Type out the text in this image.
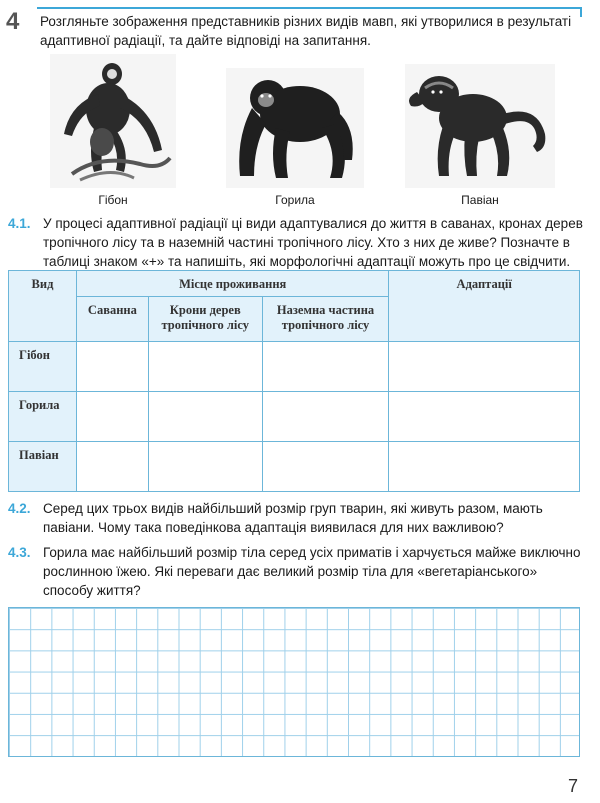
4 Розгляньте зображення представників різних видів мавп, які утворилися в результаті адаптивної радіації, та дайте відповіді на запитання.
Гібон	Горила	Павіан
4.1. У процесі адаптивної радіації ці види адаптувалися до життя в саванах, кронах дерев тропічного лісу та в наземній частині тропічного лісу. Хто з них де живе? Позначте в таблиці знаком «+» та напишіть, які морфологічні адаптації можуть про це свідчити.
Вид	Місце проживання			Адаптації
	Саванна	Крони дерев тропічного лісу	Наземна частина тропічного лісу	
Гібон				
Горила				
Павіан				
4.2. Серед цих трьох видів найбільший розмір груп тварин, які живуть разом, мають павіани. Чому така поведінкова адаптація виявилася для них важливою?
4.3. Горила має найбільший розмір тіла серед усіх приматів і харчується майже виключно рослинною їжею. Які переваги дає великий розмір тіла для «вегетаріанського» способу життя?
7
